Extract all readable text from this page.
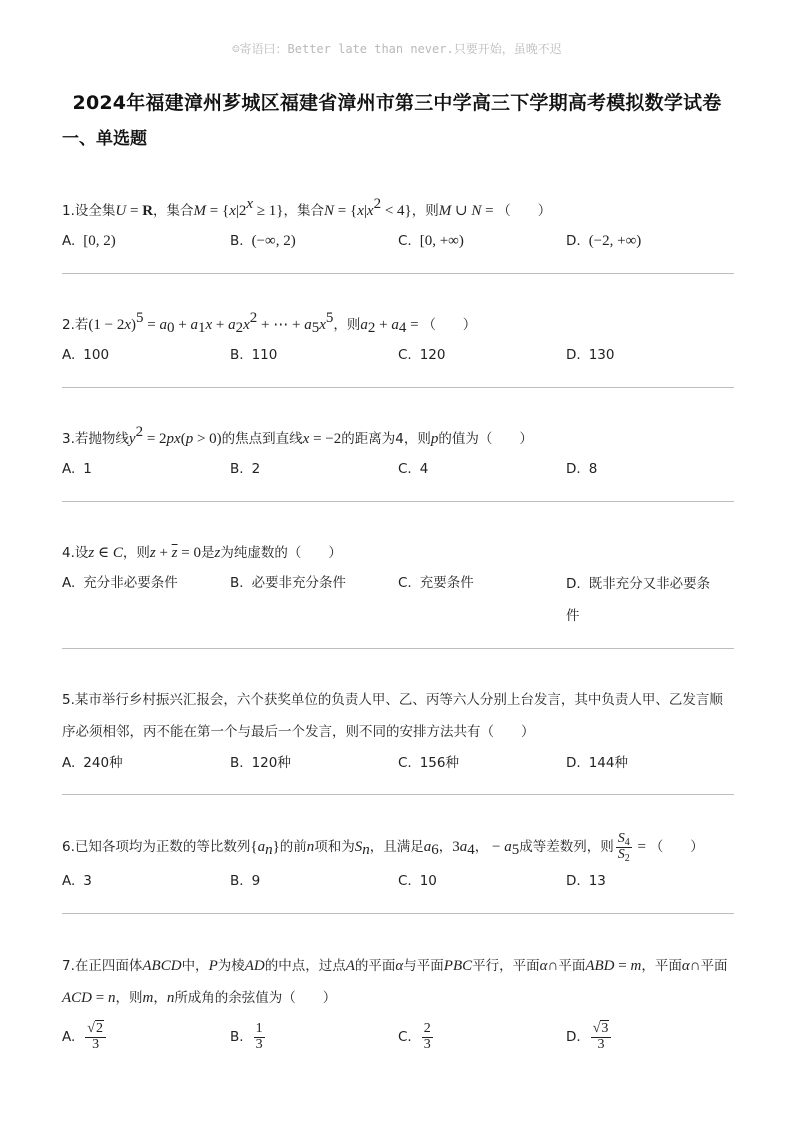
☺寄语曰：Better late than never.只要开始，虽晚不迟
2024年福建漳州芗城区福建省漳州市第三中学高三下学期高考模拟数学试卷
一、单选题
1.设全集U = R，集合$M = \{x|2^x \ge 1\}$，集合$N = \{x|x^2 < 4\}$，则M ∪ N = （　　）
A. [0, 2)	B. (−∞, 2)	C. [0, +∞)	D. (−2, +∞)
2.若$(1 - 2x)^5 = a_0 + a_1x + a_2x^2$ + ⋯ + $a_5x^5$，则$a_2 + a_4$ = （　　）
A. 100	B. 110	C. 120	D. 130
3.若抛物线$y^2 = 2px(p > 0)$的焦点到直线x = −2的距离为4，则p的值为（　　）
A. 1	B. 2	C. 4	D. 8
4.设z ∈ C，则$z + \overline{z} = 0$是z为纯虚数的（　　）
A. 充分非必要条件	B. 必要非充分条件	C. 充要条件	D. 既非充分又非必要条件
5.某市举行乡村振兴汇报会，六个获奖单位的负责人甲、乙、丙等六人分别上台发言，其中负责人甲、乙发言顺序必须相邻，丙不能在第一个与最后一个发言，则不同的安排方法共有（　　）
A. 240种	B. 120种	C. 156种	D. 144种
6.已知各项均为正数的等比数列$\{a_n\}$的前n项和为$S_n$，且满足$a_6$，$3a_4$， − $a_5$成等差数列，则 $\frac{S_4}{S_2}$ = （　　）
A. 3	B. 9	C. 10	D. 13
7.在正四面体ABCD中，P为棱AD的中点，过点A的平面α与平面PBC平行，平面α∩平面ABD = m，平面α∩平面ACD = n，则m，n所成角的余弦值为（　　）
A. $\frac{√2}{3}$	B. $\frac{1}{3}$	C. $\frac{2}{3}$	D. $\frac{√3}{3}$
